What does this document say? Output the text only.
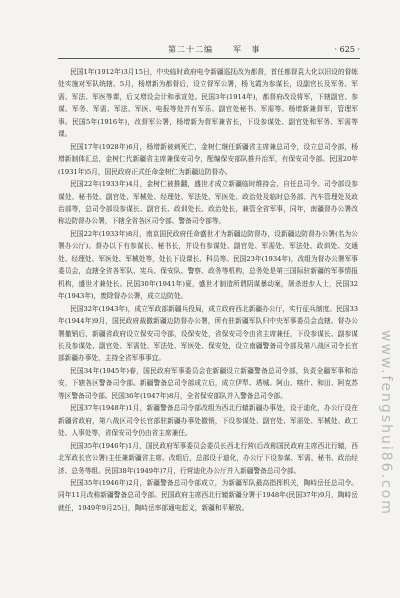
第二十二编	军 事	· 625 ·

民国1年(1912年)3月15日，中央临时政府电令新疆巡抚改为都督，首任都督袁大化以旧设的督练处实施对军队统辖。5月，杨增新为都督后，设立督军公署，杨飞霞为参谋长，设副官长及军务、军需、军法、军医等课，后又增设会计和承宣处。民国3年(1914年)，都督府改设将军，下辖副官、参谋、军务、军需、军法、军医、电报等处并有军乐、副官处秘书、军需等。杨增新兼督军，管理军事。民国5年(1916年)，改督军公署，杨增新为督军兼省长，下设参谋处、副官处和军务、军需等课。

民国17年(1928年)6月，杨增新被刺死亡，金树仁继任新疆省主席兼总司令，设立总司令部，杨增新制体汇总，金树仁代新疆省主席兼保安司令，配编保安部队推升治军，有保安司令部。民国20年(1931年)5月，国民政府正式任命金树仁为新疆边防督办。

民国22年(1933年)4月，金树仁被推翻，盛世才成立新疆临时维持会，自任总司令。司令部设参谋处、秘书处、副官处、军械处、经理处、军法处、军医处、政治处及临时总务部、汽车管理处及政治部等，总司令部设参谋长、副官长、政训处长、政治处长，兼管全省军事，同年，南疆督办公署改称边防督办公署，下辖全省各区司令部、警备司令部等。

民国22年(1933年)8月，南京国民政府任命盛世才为新疆边防督办，设新疆边防督办公署(名为公署办公厅)。督办以下有参谋长、秘书长，并设有参谋处、副官处、军需处、军法处、政训处、交通处、经理处、军医处、军械处等，处长下设课长、科员等。民国23年(1934年)，改组为督办公署军事委员会，直辖全省各军队、宪兵、保安队、警察、政务等机构，总务处是第三国际驻新疆的军事情报机构，盛世才兼处长。民国30年(1941年)夏，盛世才制造所谓阴谋暴动案，屠杀进步人士，民国32年(1943年)，废除督办公署，成立边防处。

民国32年(1943年)，成立军政部新疆兵役局，成立政府西北新疆办公厅，实行征兵制度。民国33年(1944年)9月，国民政府裁撤新疆边防督办公署，所有驻新疆军队归中央军事委员会直辖。督办公署撤销后，新疆省政府设立保安司令部，设保安处，省保安司令由省主席兼任，下设参谋长、副参谋长及参谋处、副官处、军需处、军法处、军医处、保安处，设立南疆警备司令部及第八战区司令长官部新疆办事处，主持全省军事事宜。

民国34年(1945年)春，国民政府军事委员会在新疆设立新疆警备总司令部，负责全疆军事和治安，下辖各区警备司令部。新疆警备总司令部成立后，成立伊犁、塔城、阿山、喀什、和田、阿克苏等区警备司令部。民国36年(1947年)8月，全省保安部队并入警备总司令部。

民国37年(1948年)1月，新疆警备总司令部改组为西北行辕新疆办事处，设于迪化，办公厅设在新疆省政府，第八战区司令长官部驻新疆办事处撤销，下设参谋处、副官处、军需处、军械处、政工处、人事处等，省保安司令仍由省主席兼任。

民国35年(1946年)1月，国民政府军事委员会委员长西北行营(后改称国民政府主席西北行辕，西北军政长官公署)主任兼新疆省主席。改组后，总部设于迪化，办公厅下设参谋、军需、秘书、政治经济、总务等组。民国38年(1949年)7月，行营迪化办公厅并入新疆警备总司令部。

民国35年(1946年)2月，新疆警备总司令部成立，为新疆军队最高指挥机关，陶峙岳任总司令。同年11月改称新疆警备总司令部。民国政府主席西北行辕新疆分署于1948年(民国37年)9月，陶峙岳就任，1949年9月25日，陶峙岳率部通电起义，新疆和平解放。	www.fengshui86.com
